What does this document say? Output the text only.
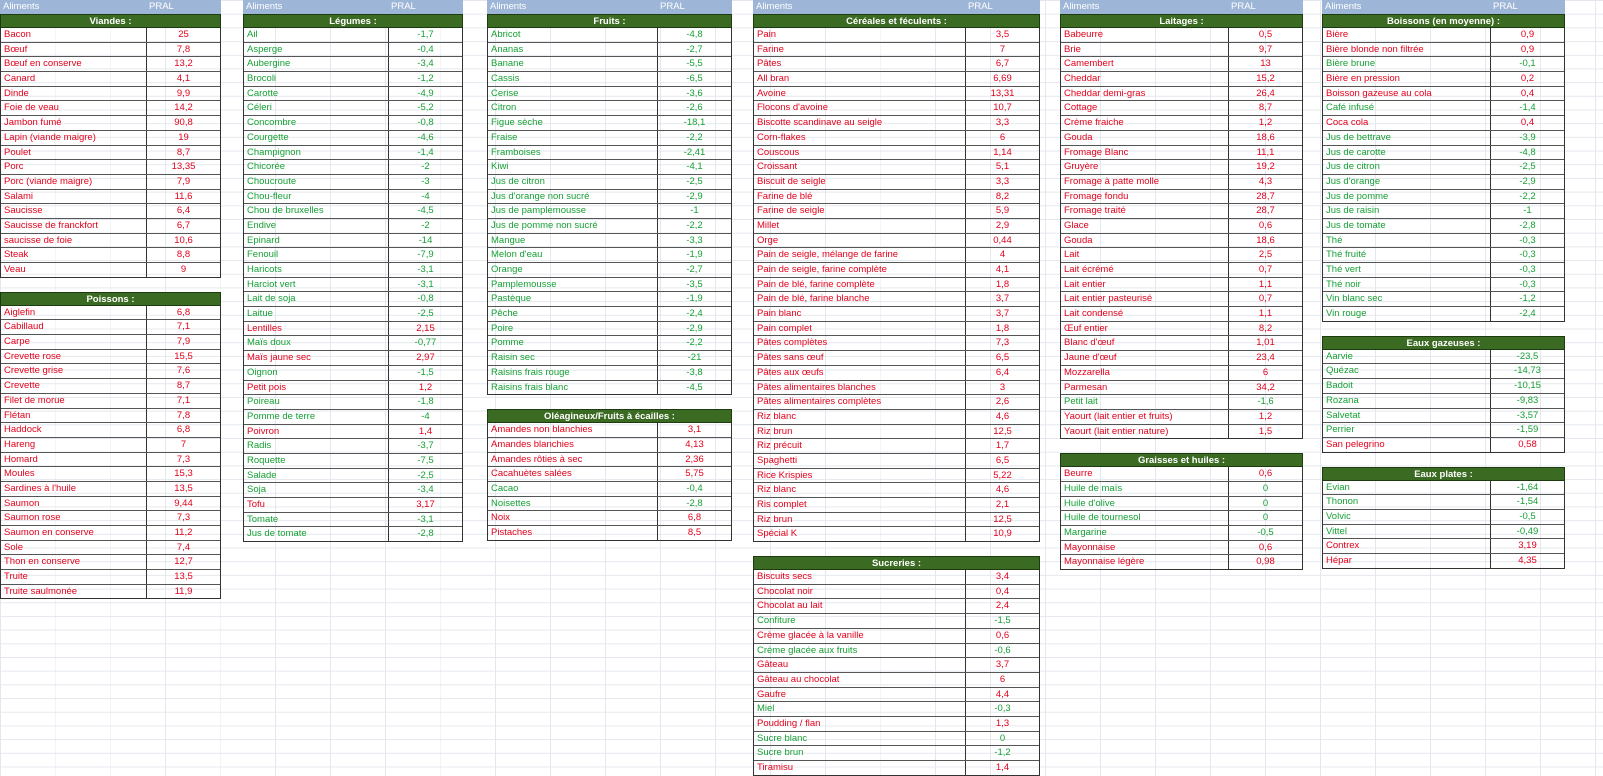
Aliments	PRAL
Viandes :
Bacon	25
Bœuf	7,8
Bœuf en conserve	13,2
Canard	4,1
Dinde	9,9
Foie de veau	14,2
Jambon fumé	90,8
Lapin (viande maigre)	19
Poulet	8,7
Porc	13,35
Porc (viande maigre)	7,9
Salami	11,6
Saucisse	6,4
Saucisse de franckfort	6,7
saucisse de foie	10,6
Steak	8,8
Veau	9
Poissons :
Aiglefin	6,8
Cabillaud	7,1
Carpe	7,9
Crevette rose	15,5
Crevette grise	7,6
Crevette	8,7
Filet de morue	7,1
Flétan	7,8
Haddock	6,8
Hareng	7
Homard	7,3
Moules	15,3
Sardines à l'huile	13,5
Saumon	9,44
Saumon rose	7,3
Saumon en conserve	11,2
Sole	7,4
Thon en conserve	12,7
Truite	13,5
Truite saulmonée	11,9
Aliments	PRAL
Légumes :
Ail	-1,7
Asperge	-0,4
Aubergine	-3,4
Brocoli	-1,2
Carotte	-4,9
Céleri	-5,2
Concombre	-0,8
Courgette	-4,6
Champignon	-1,4
Chicorée	-2
Choucroute	-3
Chou-fleur	-4
Chou de bruxelles	-4,5
Endive	-2
Epinard	-14
Fenouil	-7,9
Haricots	-3,1
Harciot vert	-3,1
Lait de soja	-0,8
Laitue	-2,5
Lentilles	2,15
Maïs doux	-0,77
Maïs jaune sec	2,97
Oignon	-1,5
Petit pois	1,2
Poireau	-1,8
Pomme de terre	-4
Poivron	1,4
Radis	-3,7
Roquette	-7,5
Salade	-2,5
Soja	-3,4
Tofu	3,17
Tomate	-3,1
Jus de tomate	-2,8
Aliments	PRAL
Fruits :
Abricot	-4,8
Ananas	-2,7
Banane	-5,5
Cassis	-6,5
Cerise	-3,6
Citron	-2,6
Figue sèche	-18,1
Fraise	-2,2
Framboises	-2,41
Kiwi	-4,1
Jus de citron	-2,5
Jus d'orange non sucré	-2,9
Jus de pamplemousse	-1
Jus de pomme non sucré	-2,2
Mangue	-3,3
Melon d'eau	-1,9
Orange	-2,7
Pamplemousse	-3,5
Pastèque	-1,9
Pêche	-2,4
Poire	-2,9
Pomme	-2,2
Raisin sec	-21
Raisins frais rouge	-3,8
Raisins frais blanc	-4,5
Oléagineux/Fruits à écailles :
Amandes non blanchies	3,1
Amandes blanchies	4,13
Amandes rôties à sec	2,36
Cacahuètes salées	5,75
Cacao	-0,4
Noisettes	-2,8
Noix	6,8
Pistaches	8,5
Aliments	PRAL
Céréales et féculents :
Pain	3,5
Farine	7
Pâtes	6,7
All bran	6,69
Avoine	13,31
Flocons d'avoine	10,7
Biscotte scandinave au seigle	3,3
Corn-flakes	6
Couscous	1,14
Croissant	5,1
Biscuit de seigle	3,3
Farine de blé	8,2
Farine de seigle	5,9
Millet	2,9
Orge	0,44
Pain de seigle, mélange de farine	4
Pain de seigle, farine complète	4,1
Pain de blé, farine complète	1,8
Pain de blé, farine blanche	3,7
Pain blanc	3,7
Pain complet	1,8
Pâtes complètes	7,3
Pâtes sans œuf	6,5
Pâtes aux œufs	6,4
Pâtes alimentaires blanches	3
Pâtes alimentaires complètes	2,6
Riz blanc	4,6
Riz brun	12,5
Riz précuit	1,7
Spaghetti	6,5
Rice Krispies	5,22
Riz blanc	4,6
Ris complet	2,1
Riz brun	12,5
Spécial K	10,9
Sucreries :
Biscuits secs	3,4
Chocolat noir	0,4
Chocolat au lait	2,4
Confiture	-1,5
Crème glacée à la vanille	0,6
Crème glacée aux fruits	-0,6
Gâteau	3,7
Gâteau au chocolat	6
Gaufre	4,4
Miel	-0,3
Poudding / flan	1,3
Sucre blanc	0
Sucre brun	-1,2
Tiramisu	1,4
Aliments	PRAL
Laitages :
Babeurre	0,5
Brie	9,7
Camembert	13
Cheddar	15,2
Cheddar demi-gras	26,4
Cottage	8,7
Crème fraiche	1,2
Gouda	18,6
Fromage Blanc	11,1
Gruyère	19,2
Fromage à patte molle	4,3
Fromage fondu	28,7
Fromage traité	28,7
Glace	0,6
Gouda	18,6
Lait	2,5
Lait écrémé	0,7
Lait entier	1,1
Lait entier pasteurisé	0,7
Lait condensé	1,1
Œuf entier	8,2
Blanc d'œuf	1,01
Jaune d'œuf	23,4
Mozzarella	6
Parmesan	34,2
Petit lait	-1,6
Yaourt (lait entier et fruits)	1,2
Yaourt (lait entier nature)	1,5
Graisses et huiles :
Beurre	0,6
Huile de maïs	0
Huile d'olive	0
Huile de tournesol	0
Margarine	-0,5
Mayonnaise	0,6
Mayonnaise légère	0,98
Aliments	PRAL
Boissons (en moyenne) :
Bière	0,9
Bière blonde non filtrée	0,9
Bière brune	-0,1
Bière en pression	0,2
Boisson gazeuse au cola	0,4
Café infusé	-1,4
Coca cola	0,4
Jus de bettrave	-3,9
Jus de carotte	-4,8
Jus de citron	-2,5
Jus d'orange	-2,9
Jus de pomme	-2,2
Jus de raisin	-1
Jus de tomate	-2,8
Thé	-0,3
Thé fruité	-0,3
Thé vert	-0,3
Thé noir	-0,3
Vin blanc sec	-1,2
Vin rouge	-2,4
Eaux gazeuses :
Aarvie	-23,5
Quézac	-14,73
Badoit	-10,15
Rozana	-9,83
Salvetat	-3,57
Perrier	-1,59
San pelegrino	0,58
Eaux plates :
Evian	-1,64
Thonon	-1,54
Volvic	-0,5
Vittel	-0,49
Contrex	3,19
Hépar	4,35
